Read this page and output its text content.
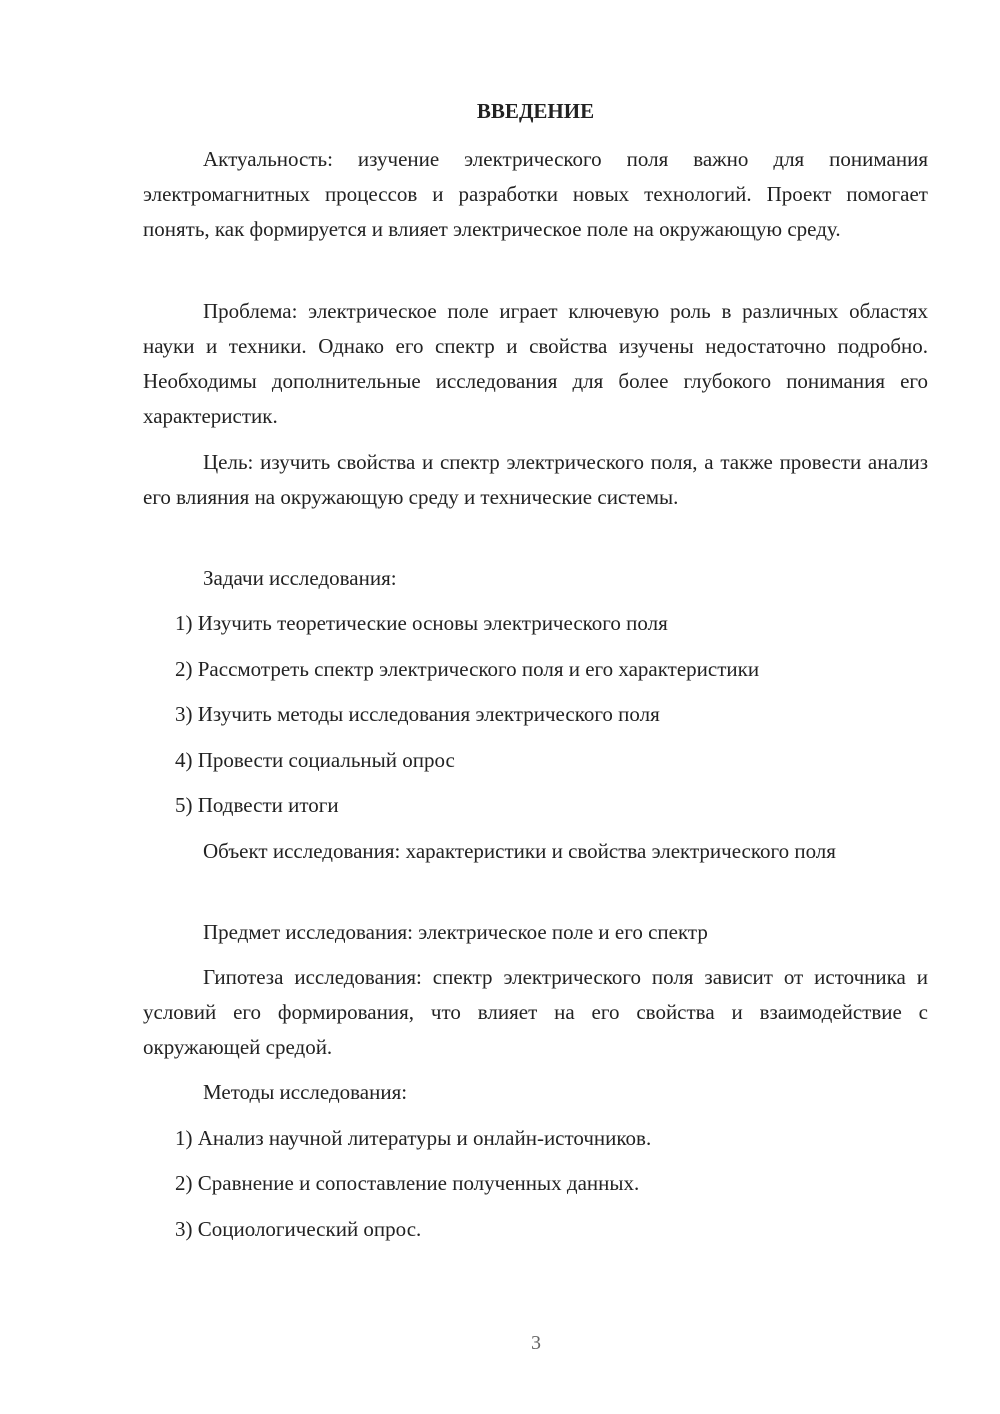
ВВЕДЕНИЕ

Актуальность: изучение электрического поля важно для понимания электромагнитных процессов и разработки новых технологий. Проект помогает понять, как формируется и влияет электрическое поле на окружающую среду.

Проблема: электрическое поле играет ключевую роль в различных областях науки и техники. Однако его спектр и свойства изучены недостаточно подробно. Необходимы дополнительные исследования для более глубокого понимания его характеристик.

Цель: изучить свойства и спектр электрического поля, а также провести анализ его влияния на окружающую среду и технические системы.

Задачи исследования:
1) Изучить теоретические основы электрического поля
2) Рассмотреть спектр электрического поля и его характеристики
3) Изучить методы исследования электрического поля
4) Провести социальный опрос
5) Подвести итоги

Объект исследования: характеристики и свойства электрического поля

Предмет исследования: электрическое поле и его спектр

Гипотеза исследования: спектр электрического поля зависит от источника и условий его формирования, что влияет на его свойства и взаимодействие с окружающей средой.

Методы исследования:
1) Анализ научной литературы и онлайн-источников.
2) Сравнение и сопоставление полученных данных.
3) Социологический опрос.
3
